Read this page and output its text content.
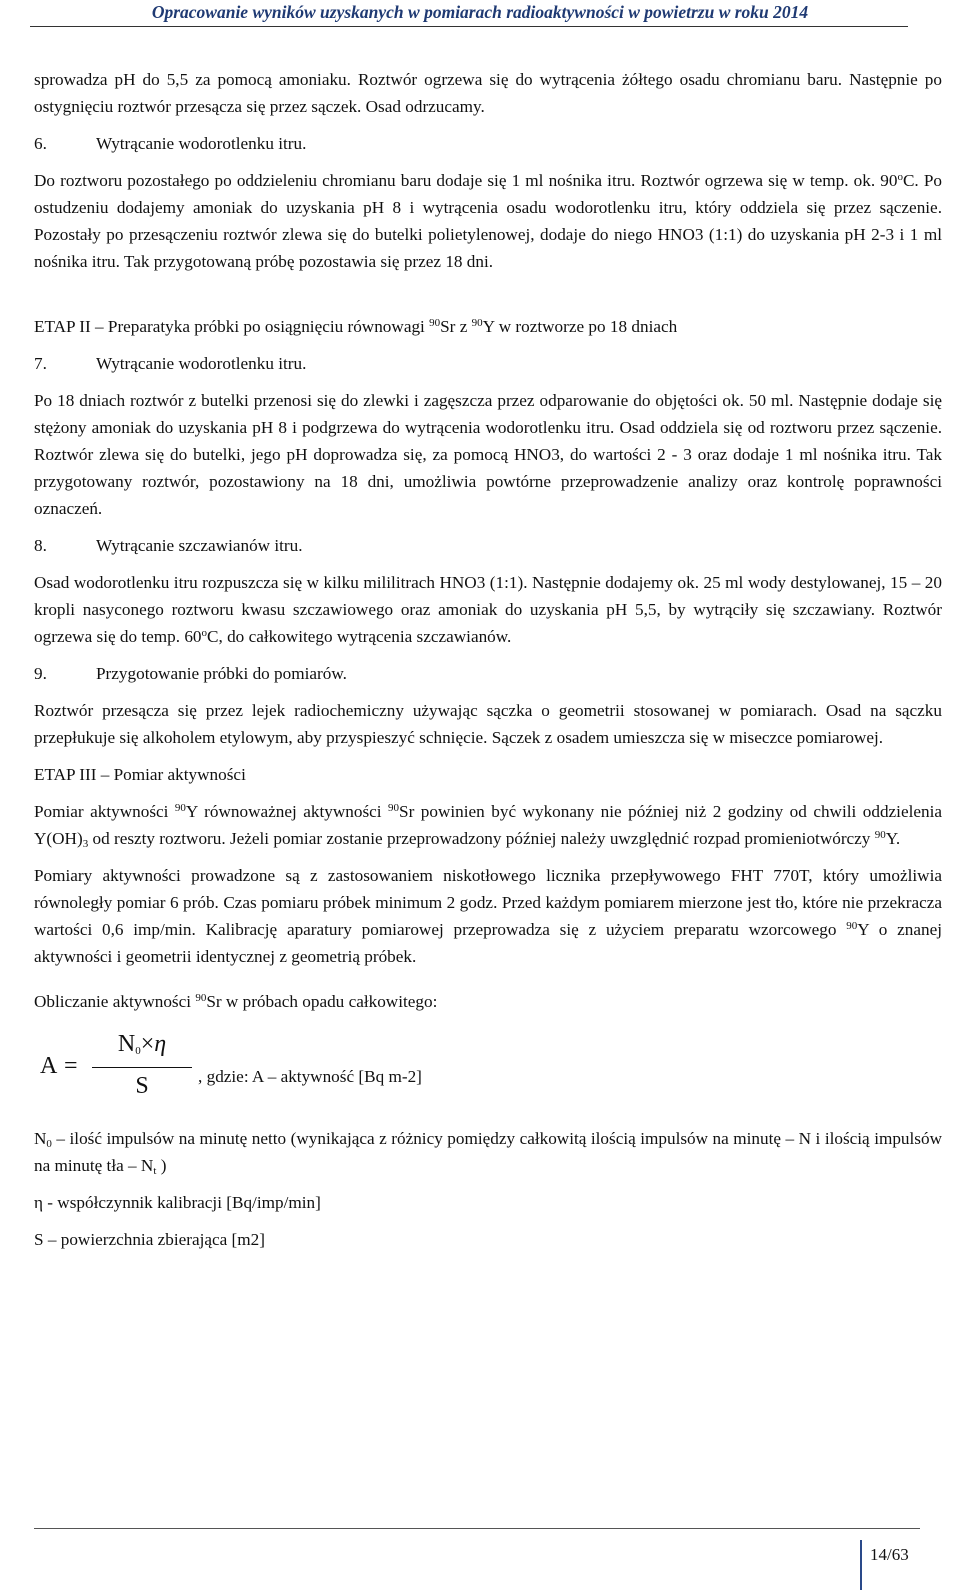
Opracowanie wyników uzyskanych w pomiarach radioaktywności w powietrzu w roku 2014

sprowadza pH do 5,5 za pomocą amoniaku. Roztwór ogrzewa się do wytrącenia żółtego osadu chromianu baru. Następnie po ostygnięciu roztwór przesącza się przez sączek. Osad odrzucamy.

6.	Wytrącanie wodorotlenku itru.

Do roztworu pozostałego po oddzieleniu chromianu baru dodaje się 1 ml nośnika itru. Roztwór ogrzewa się w temp. ok. 90$^o$C. Po ostudzeniu dodajemy amoniak do uzyskania pH 8 i wytrącenia osadu wodorotlenku itru, który oddziela się przez sączenie. Pozostały po przesączeniu roztwór zlewa się do butelki polietylenowej, dodaje do niego HNO3 (1:1) do uzyskania pH 2-3 i 1 ml nośnika itru. Tak przygotowaną próbę pozostawia się przez 18 dni.

ETAP II – Preparatyka próbki po osiągnięciu równowagi $^{90}$Sr z $^{90}$Y w roztworze po 18 dniach

7.	Wytrącanie wodorotlenku itru.

Po 18 dniach roztwór z butelki przenosi się do zlewki i zagęszcza przez odparowanie do objętości ok. 50 ml. Następnie dodaje się stężony amoniak do uzyskania pH 8 i podgrzewa do wytrącenia wodorotlenku itru. Osad oddziela się od roztworu przez sączenie. Roztwór zlewa się do butelki, jego pH doprowadza się, za pomocą HNO3, do wartości 2 - 3 oraz dodaje 1 ml nośnika itru. Tak przygotowany roztwór, pozostawiony na 18 dni, umożliwia powtórne przeprowadzenie analizy oraz kontrolę poprawności oznaczeń.

8.	Wytrącanie szczawianów itru.

Osad wodorotlenku itru rozpuszcza się w kilku mililitrach HNO3 (1:1). Następnie dodajemy ok. 25 ml wody destylowanej, 15 – 20 kropli nasyconego roztworu kwasu szczawiowego oraz amoniak do uzyskania pH 5,5, by wytrąciły się szczawiany. Roztwór ogrzewa się do temp. 60$^o$C, do całkowitego wytrącenia szczawianów.

9.	Przygotowanie próbki do pomiarów.

Roztwór przesącza się przez lejek radiochemiczny używając sączka o geometrii stosowanej w pomiarach. Osad na sączku przepłukuje się alkoholem etylowym, aby przyspieszyć schnięcie. Sączek z osadem umieszcza się w miseczce pomiarowej.

ETAP III – Pomiar aktywności

Pomiar aktywności $^{90}$Y równoważnej aktywności $^{90}$Sr powinien być wykonany nie później niż 2 godziny od chwili oddzielenia $Y(OH)_3$ od reszty roztworu. Jeżeli pomiar zostanie przeprowadzony później należy uwzględnić rozpad promieniotwórczy $^{90}$Y.

Pomiary aktywności prowadzone są z zastosowaniem niskotłowego licznika przepływowego FHT 770T, który umożliwia równoległy pomiar 6 prób. Czas pomiaru próbek minimum 2 godz. Przed każdym pomiarem mierzone jest tło, które nie przekracza wartości 0,6 imp/min. Kalibrację aparatury pomiarowej przeprowadza się z użyciem preparatu wzorcowego $^{90}$Y o znanej aktywności i geometrii identycznej z geometrią próbek.

Obliczanie aktywności $^{90}$Sr w próbach opadu całkowitego:

A =
$N_0\times\eta$
S	, gdzie: A – aktywność [Bq m-2]

$N_0$ – ilość impulsów na minutę netto (wynikająca z różnicy pomiędzy całkowitą ilością impulsów na minutę – N i ilością impulsów na minutę tła – $N_t$ )

η - współczynnik kalibracji [Bq/imp/min]

S – powierzchnia zbierająca [m2]

14/63
